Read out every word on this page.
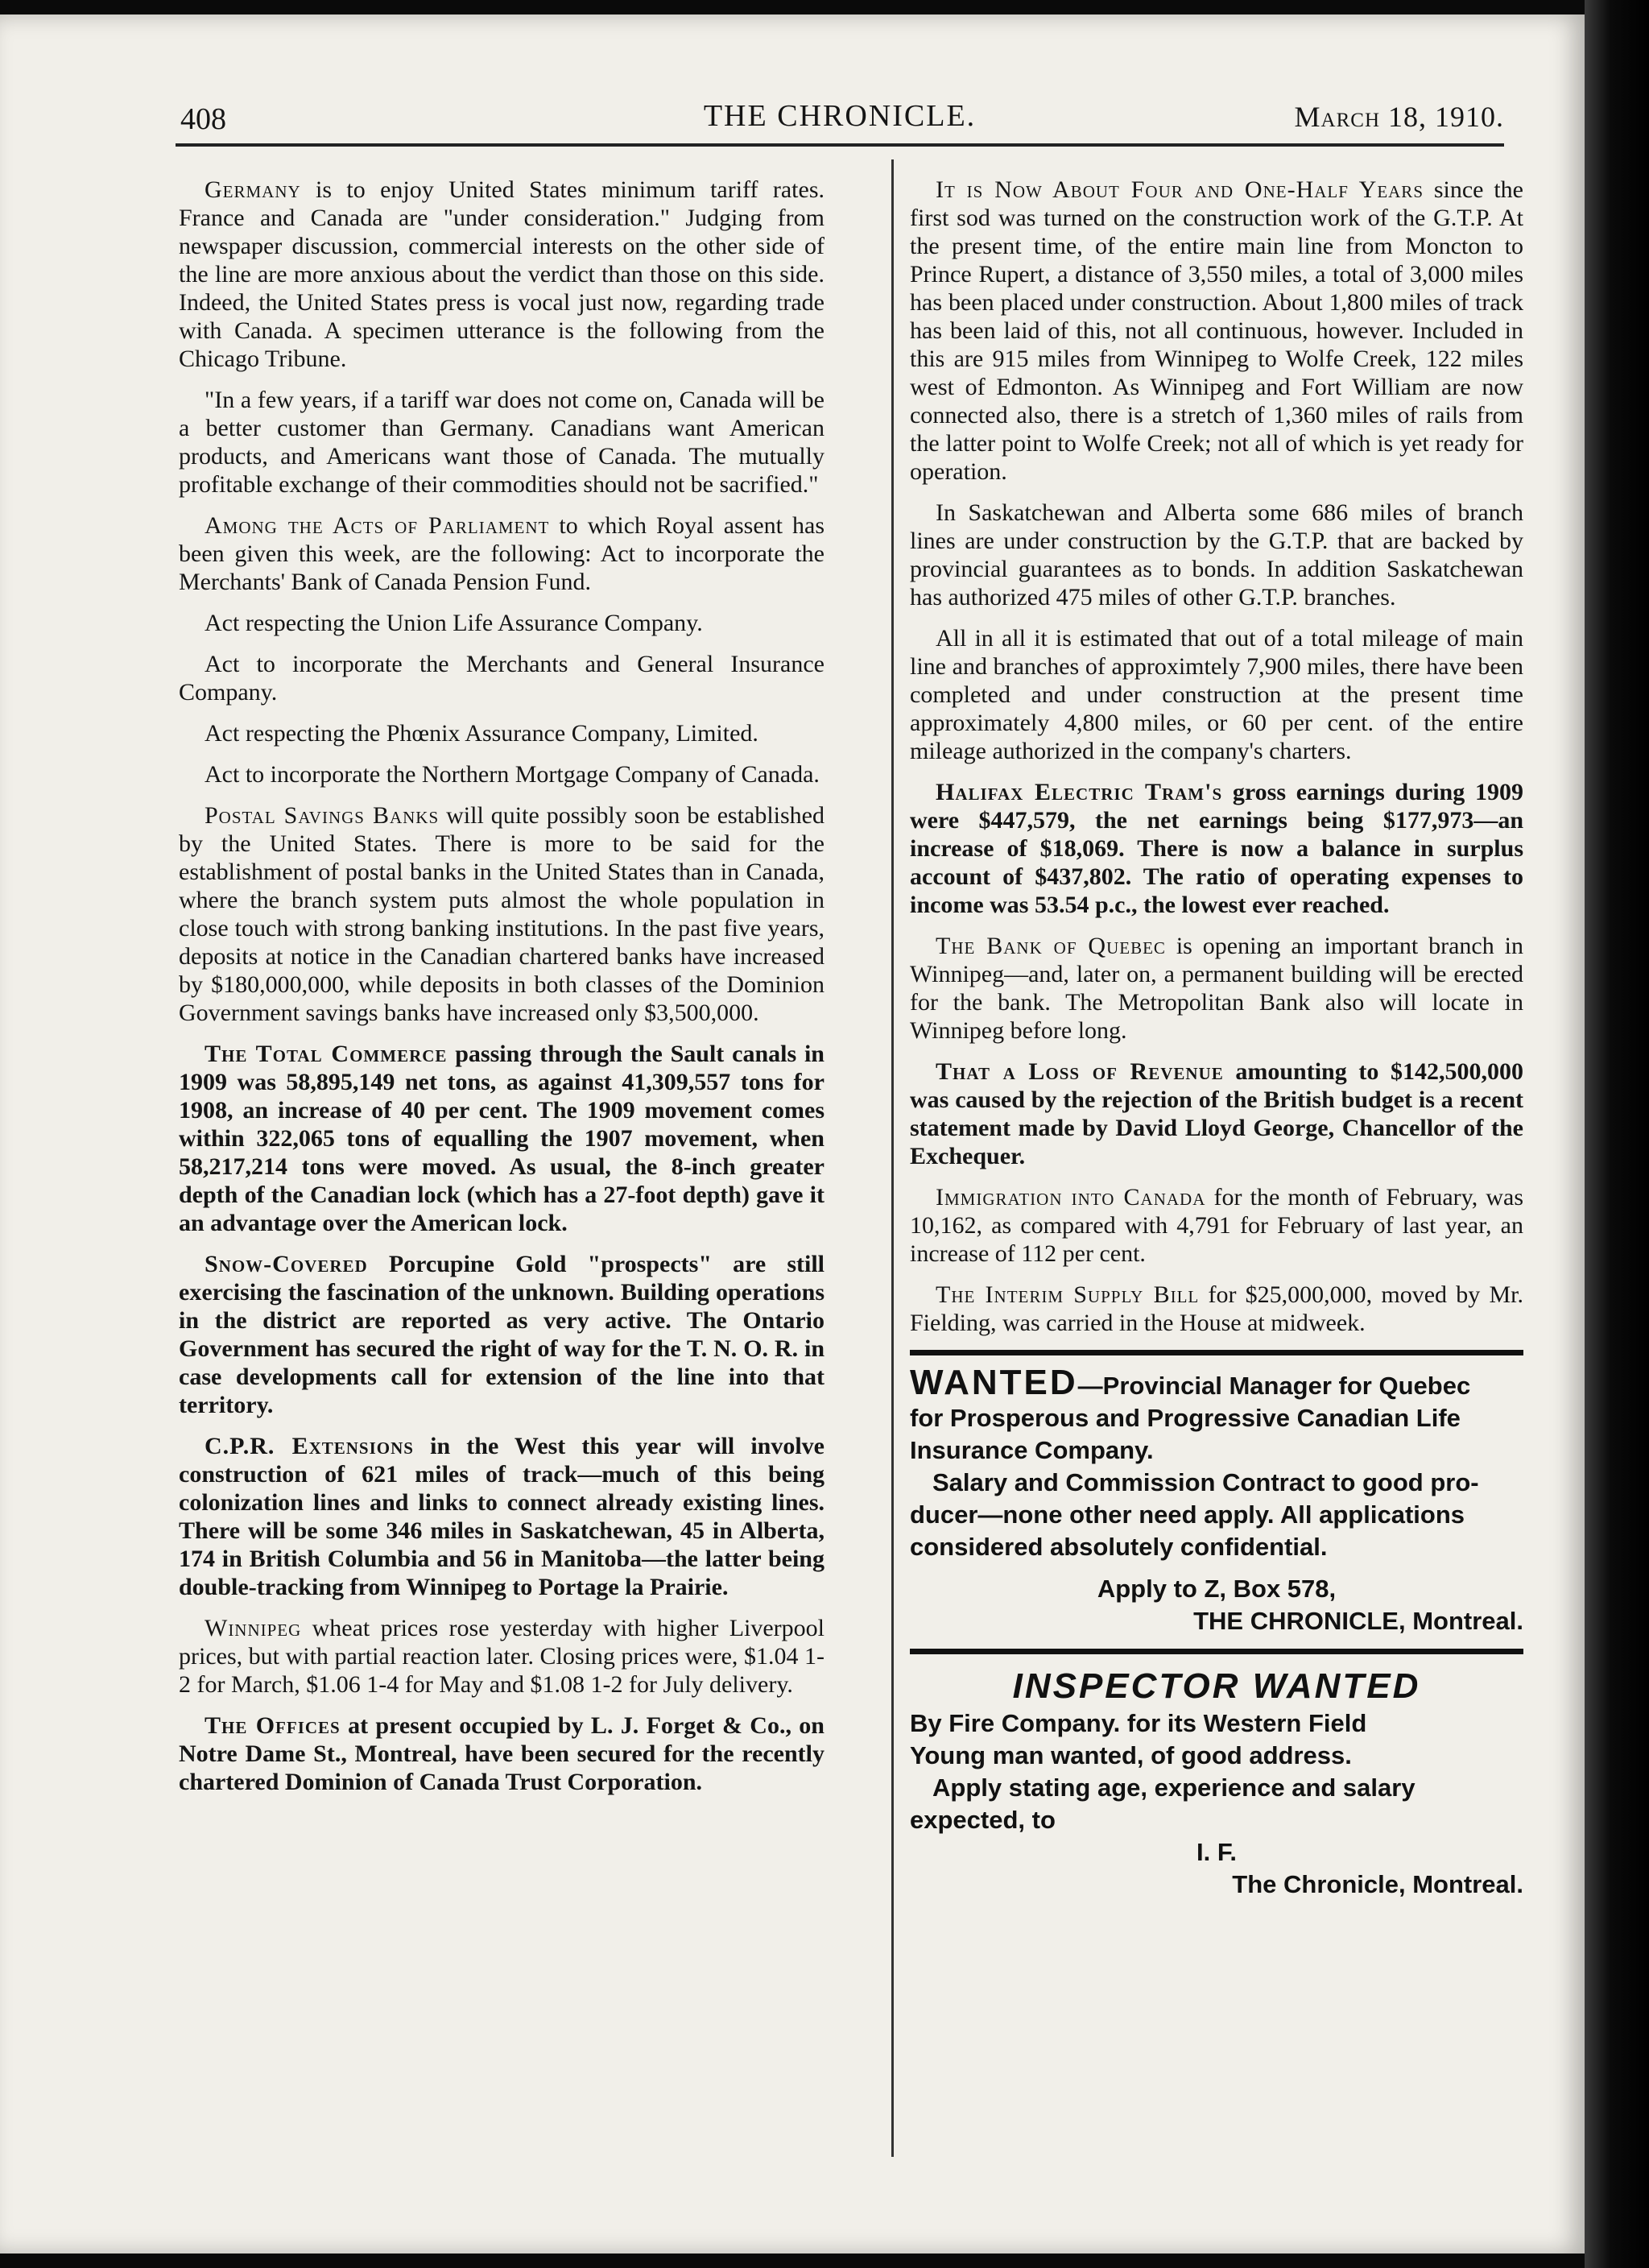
408	THE CHRONICLE.	March 18, 1910.

Germany is to enjoy United States minimum tariff rates. France and Canada are "under consideration." Judging from newspaper discussion, commercial interests on the other side of the line are more anxious about the verdict than those on this side. Indeed, the United States press is vocal just now, regarding trade with Canada. A specimen utterance is the following from the Chicago Tribune.

"In a few years, if a tariff war does not come on, Canada will be a better customer than Germany. Canadians want American products, and Americans want those of Canada. The mutually profitable exchange of their commodities should not be sacrified."

Among the Acts of Parliament to which Royal assent has been given this week, are the following: Act to incorporate the Merchants' Bank of Canada Pension Fund.

Act respecting the Union Life Assurance Company.

Act to incorporate the Merchants and General Insurance Company.

Act respecting the Phœnix Assurance Company, Limited.

Act to incorporate the Northern Mortgage Company of Canada.

Postal Savings Banks will quite possibly soon be established by the United States. There is more to be said for the establishment of postal banks in the United States than in Canada, where the branch system puts almost the whole population in close touch with strong banking institutions. In the past five years, deposits at notice in the Canadian chartered banks have increased by $180,000,000, while deposits in both classes of the Dominion Government savings banks have increased only $3,500,000.

The Total Commerce passing through the Sault canals in 1909 was 58,895,149 net tons, as against 41,309,557 tons for 1908, an increase of 40 per cent. The 1909 movement comes within 322,065 tons of equalling the 1907 movement, when 58,217,214 tons were moved. As usual, the 8-inch greater depth of the Canadian lock (which has a 27-foot depth) gave it an advantage over the American lock.

Snow-Covered Porcupine Gold "prospects" are still exercising the fascination of the unknown. Building operations in the district are reported as very active. The Ontario Government has secured the right of way for the T. N. O. R. in case developments call for extension of the line into that territory.

C.P.R. Extensions in the West this year will involve construction of 621 miles of track—much of this being colonization lines and links to connect already existing lines. There will be some 346 miles in Saskatchewan, 45 in Alberta, 174 in British Columbia and 56 in Manitoba—the latter being double-tracking from Winnipeg to Portage la Prairie.

Winnipeg wheat prices rose yesterday with higher Liverpool prices, but with partial reaction later. Closing prices were, $1.04 1-2 for March, $1.06 1-4 for May and $1.08 1-2 for July delivery.

The Offices at present occupied by L. J. Forget & Co., on Notre Dame St., Montreal, have been secured for the recently chartered Dominion of Canada Trust Corporation.

It is Now About Four and One-Half Years since the first sod was turned on the construction work of the G.T.P. At the present time, of the entire main line from Moncton to Prince Rupert, a distance of 3,550 miles, a total of 3,000 miles has been placed under construction. About 1,800 miles of track has been laid of this, not all continuous, however. Included in this are 915 miles from Winnipeg to Wolfe Creek, 122 miles west of Edmonton. As Winnipeg and Fort William are now connected also, there is a stretch of 1,360 miles of rails from the latter point to Wolfe Creek; not all of which is yet ready for operation.

In Saskatchewan and Alberta some 686 miles of branch lines are under construction by the G.T.P. that are backed by provincial guarantees as to bonds. In addition Saskatchewan has authorized 475 miles of other G.T.P. branches.

All in all it is estimated that out of a total mileage of main line and branches of approximtely 7,900 miles, there have been completed and under construction at the present time approximately 4,800 miles, or 60 per cent. of the entire mileage authorized in the company's charters.

Halifax Electric Tram's gross earnings during 1909 were $447,579, the net earnings being $177,973—an increase of $18,069. There is now a balance in surplus account of $437,802. The ratio of operating expenses to income was 53.54 p.c., the lowest ever reached.

The Bank of Quebec is opening an important branch in Winnipeg—and, later on, a permanent building will be erected for the bank. The Metropolitan Bank also will locate in Winnipeg before long.

That a Loss of Revenue amounting to $142,500,000 was caused by the rejection of the British budget is a recent statement made by David Lloyd George, Chancellor of the Exchequer.

Immigration into Canada for the month of February, was 10,162, as compared with 4,791 for February of last year, an increase of 112 per cent.

The Interim Supply Bill for $25,000,000, moved by Mr. Fielding, was carried in the House at midweek.

WANTED—Provincial Manager for Quebec
for Prosperous and Progressive Canadian Life
Insurance Company.
Salary and Commission Contract to good pro-
ducer—none other need apply. All applications
considered absolutely confidential.
Apply to Z, Box 578,
THE CHRONICLE, Montreal.
INSPECTOR WANTED
By Fire Company. for its Western Field
Young man wanted, of good address.
Apply stating age, experience and salary
expected, to
I. F.
The Chronicle, Montreal.
